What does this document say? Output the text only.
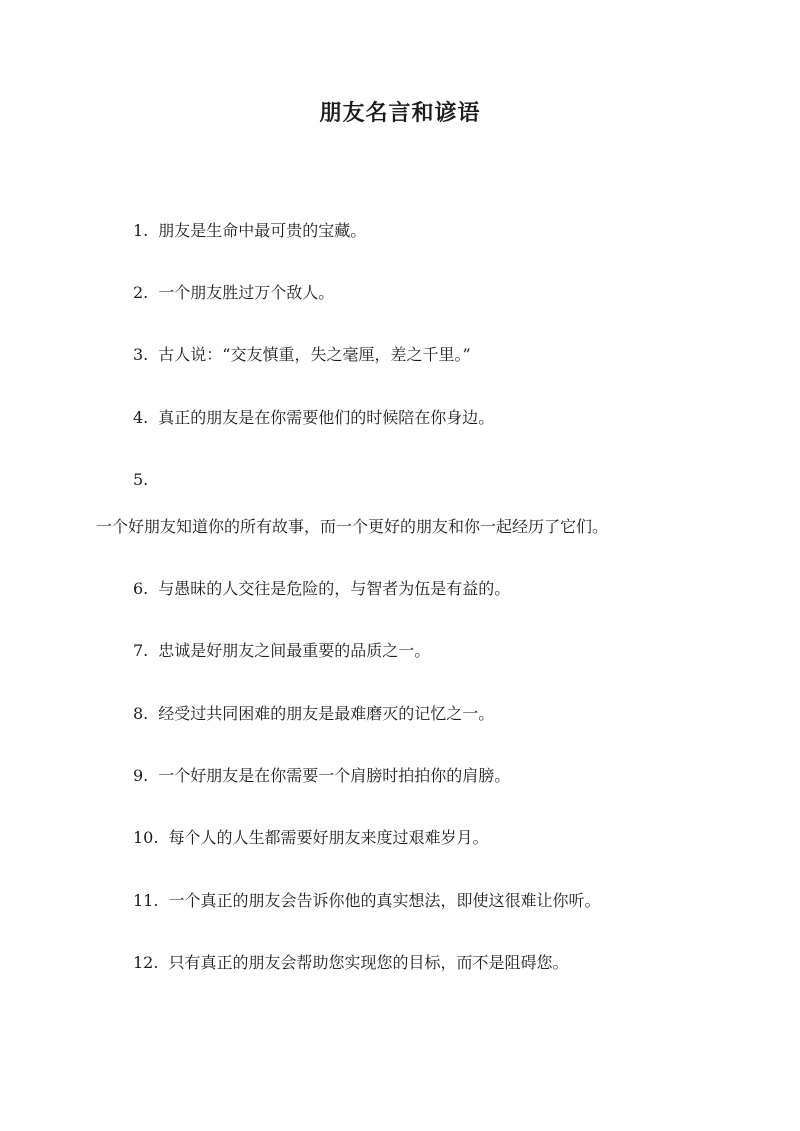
朋友名言和谚语
1. 朋友是生命中最可贵的宝藏。
2. 一个朋友胜过万个敌人。
3. 古人说：“交友慎重，失之毫厘，差之千里。”
4. 真正的朋友是在你需要他们的时候陪在你身边。
5.
一个好朋友知道你的所有故事，而一个更好的朋友和你一起经历了它们。
6. 与愚昧的人交往是危险的，与智者为伍是有益的。
7. 忠诚是好朋友之间最重要的品质之一。
8. 经受过共同困难的朋友是最难磨灭的记忆之一。
9. 一个好朋友是在你需要一个肩膀时拍拍你的肩膀。
10. 每个人的人生都需要好朋友来度过艰难岁月。
11. 一个真正的朋友会告诉你他的真实想法，即使这很难让你听。
12. 只有真正的朋友会帮助您实现您的目标，而不是阻碍您。
